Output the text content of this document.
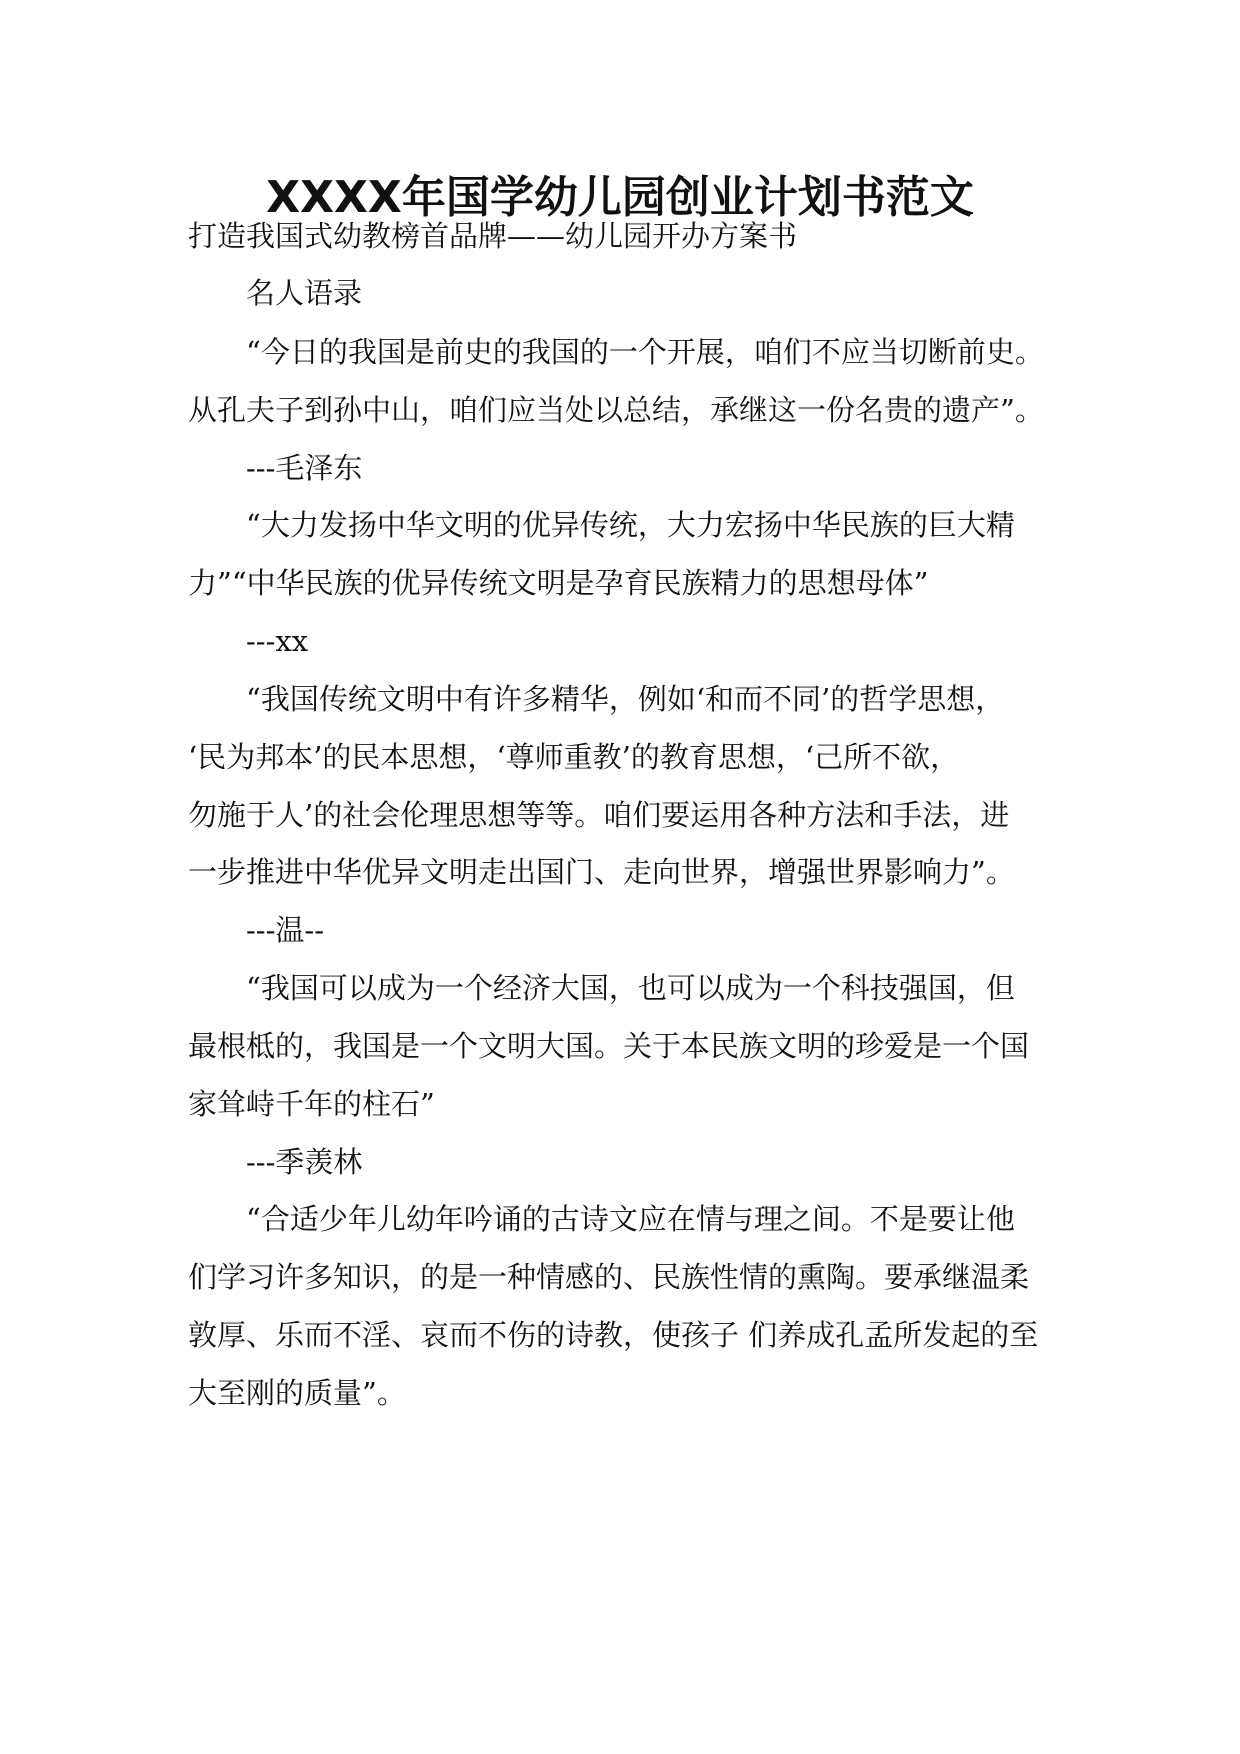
XXXX年国学幼儿园创业计划书范文
打造我国式幼教榜首品牌——幼儿园开办方案书
名人语录
“今日的我国是前史的我国的一个开展，咱们不应当切断前史。
从孔夫子到孙中山，咱们应当处以总结，承继这一份名贵的遗产”。
---毛泽东
“大力发扬中华文明的优异传统，大力宏扬中华民族的巨大精
力”“中华民族的优异传统文明是孕育民族精力的思想母体”
---xx
“我国传统文明中有许多精华，例如‘和而不同’的哲学思想，
‘民为邦本’的民本思想，‘尊师重教’的教育思想，‘己所不欲，
勿施于人’的社会伦理思想等等。咱们要运用各种方法和手法，进
一步推进中华优异文明走出国门、走向世界，增强世界影响力”。
---温--
“我国可以成为一个经济大国，也可以成为一个科技强国，但
最根柢的，我国是一个文明大国。关于本民族文明的珍爱是一个国
家耸峙千年的柱石”
---季羡林
“合适少年儿幼年吟诵的古诗文应在情与理之间。不是要让他
们学习许多知识，的是一种情感的、民族性情的熏陶。要承继温柔
敦厚、乐而不淫、哀而不伤的诗教，使孩子 们养成孔孟所发起的至
大至刚的质量”。
